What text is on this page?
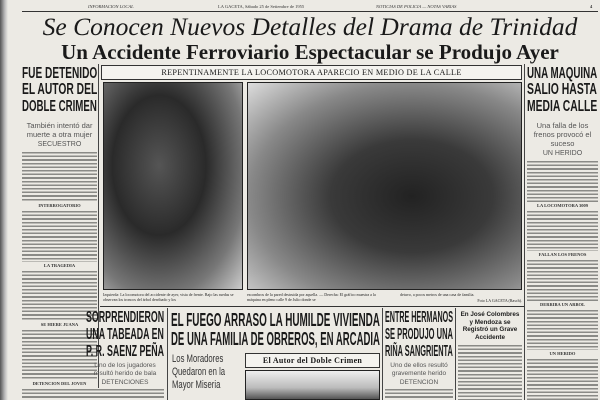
INFORMACION LOCAL	LA GACETA, Sábado 25 de Setiembre de 1955	NOTICIAS DE POLICIA — NOTAS VARIAS	4
Se Conocen Nuevos Detalles del Drama de Trinidad
Un Accidente Ferroviario Espectacular se Produjo Ayer
FUE DETENIDO
EL AUTOR DEL
DOBLE CRIMEN
También intentó dar muerte a otra mujer
SECUESTRO
INTERROGATORIO
LA TRAGEDIA
SE HIERE JUANA
DETENCION DEL JOVEN
REPENTINAMENTE LA LOCOMOTORA APARECIO EN MEDIO DE LA CALLE
Izquierda: La locomotora del accidente de ayer, vista de frente. Bajo las ruedas se observan los troncos del árbol derribado y los
escombros de la pared destruida por aquella. — Derecha: El gráfico muestra a la máquina en pleno calle 9 de Julio donde se
detuvo, a pocos metros de una casa de familia.
Foto LA GACETA (Rasch).
UNA MAQUINA
SALIO HASTA
MEDIA CALLE
Una falla de los frenos provocó el suceso
UN HERIDO
LA LOCOMOTORA 3009
FALLAN LOS FRENOS
DERRIBA UN ARBOL
UN HERIDO
SORPRENDIERON
UNA TABEADA EN
P. R. SAENZ PEÑA
Uno de los jugadores resultó herido de bala
DETENCIONES
EL FUEGO ARRASO LA HUMILDE VIVIENDA
DE UNA FAMILIA DE OBREROS, EN ARCADIA
Los Moradores
Quedaron en la
Mayor Miseria
El Autor del Doble Crimen
ENTRE HERMANOS
SE PRODUJO UNA
RIÑA SANGRIENTA
Uno de ellos resultó gravemente herido
DETENCION
En José Colombres y Mendoza se Registró un Grave Accidente
